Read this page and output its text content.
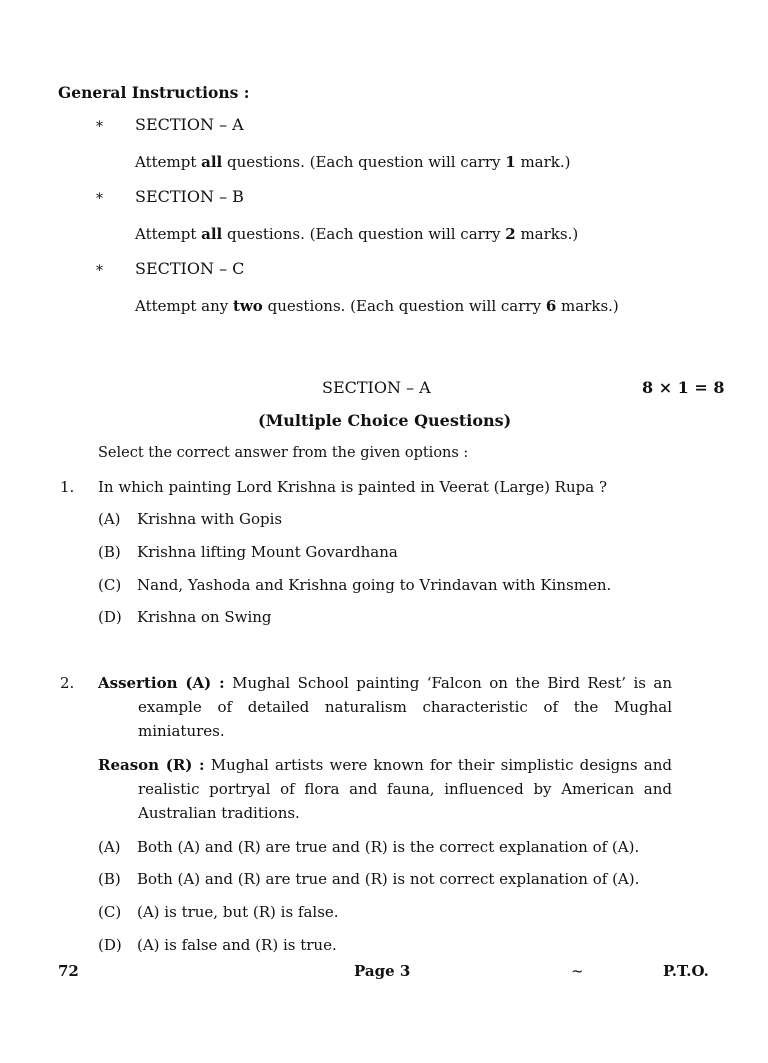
General Instructions :
* SECTION – A
Attempt all questions. (Each question will carry 1 mark.)
* SECTION – B
Attempt all questions. (Each question will carry 2 marks.)
* SECTION – C
Attempt any two questions. (Each question will carry 6 marks.)
SECTION – A	8 × 1 = 8
(Multiple Choice Questions)
Select the correct answer from the given options :
1. In which painting Lord Krishna is painted in Veerat (Large) Rupa ?
(A) Krishna with Gopis
(B) Krishna lifting Mount Govardhana
(C) Nand, Yashoda and Krishna going to Vrindavan with Kinsmen.
(D) Krishna on Swing
2. Assertion (A) : Mughal School painting ‘Falcon on the Bird Rest’ is an example of detailed naturalism characteristic of the Mughal miniatures.
Reason (R) : Mughal artists were known for their simplistic designs and realistic portryal of flora and fauna, influenced by American and Australian traditions.
(A) Both (A) and (R) are true and (R) is the correct explanation of (A).
(B) Both (A) and (R) are true and (R) is not correct explanation of (A).
(C) (A) is true, but (R) is false.
(D) (A) is false and (R) is true.
72	Page 3	~	P.T.O.
